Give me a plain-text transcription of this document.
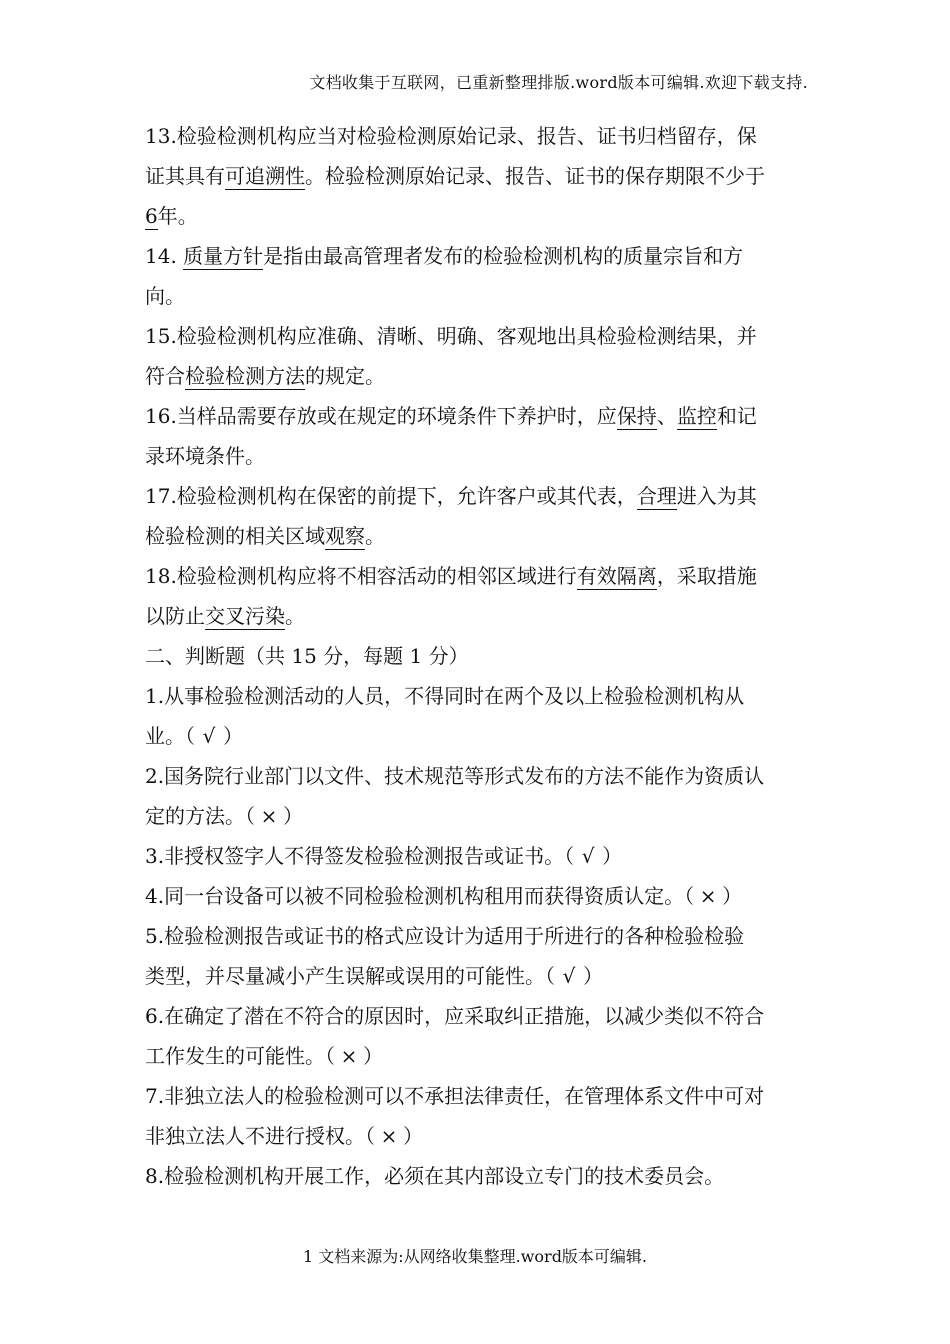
文档收集于互联网，已重新整理排版.word版本可编辑.欢迎下载支持.
13.检验检测机构应当对检验检测原始记录、报告、证书归档留存，保
证其具有可追溯性。检验检测原始记录、报告、证书的保存期限不少于
6年。
14. 质量方针是指由最高管理者发布的检验检测机构的质量宗旨和方
向。
15.检验检测机构应准确、清晰、明确、客观地出具检验检测结果，并
符合检验检测方法的规定。
16.当样品需要存放或在规定的环境条件下养护时，应保持、监控和记
录环境条件。
17.检验检测机构在保密的前提下，允许客户或其代表，合理进入为其
检验检测的相关区域观察。
18.检验检测机构应将不相容活动的相邻区域进行有效隔离，采取措施
以防止交叉污染。
二、判断题（共 15 分，每题 1 分）
1.从事检验检测活动的人员，不得同时在两个及以上检验检测机构从
业。（ √ ）
2.国务院行业部门以文件、技术规范等形式发布的方法不能作为资质认
定的方法。（ × ）
3.非授权签字人不得签发检验检测报告或证书。（ √ ）
4.同一台设备可以被不同检验检测机构租用而获得资质认定。（ × ）
5.检验检测报告或证书的格式应设计为适用于所进行的各种检验检验
类型，并尽量减小产生误解或误用的可能性。（ √ ）
6.在确定了潜在不符合的原因时，应采取纠正措施，以减少类似不符合
工作发生的可能性。（ × ）
7.非独立法人的检验检测可以不承担法律责任，在管理体系文件中可对
非独立法人不进行授权。（ × ）
8.检验检测机构开展工作，必须在其内部设立专门的技术委员会。
1 文档来源为:从网络收集整理.word版本可编辑.
